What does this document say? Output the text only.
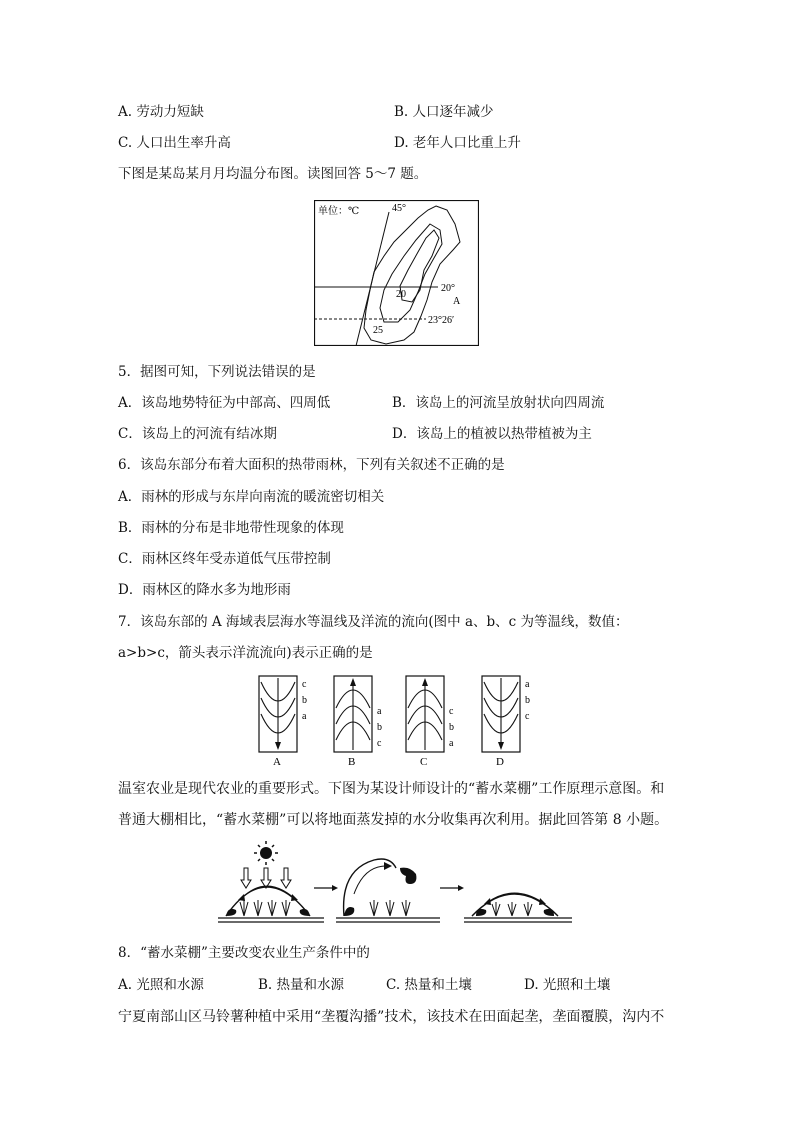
A. 劳动力短缺	B. 人口逐年减少
C. 人口出生率升高	D. 老年人口比重上升
下图是某岛某月月均温分布图。读图回答 5～7 题。
单位：℃	45°
20°
A
23°26′
20
25
5．据图可知，下列说法错误的是
A．该岛地势特征为中部高、四周低	B．该岛上的河流呈放射状向四周流
C．该岛上的河流有结冰期	D．该岛上的植被以热带植被为主
6．该岛东部分布着大面积的热带雨林，下列有关叙述不正确的是
A．雨林的形成与东岸向南流的暖流密切相关
B．雨林的分布是非地带性现象的体现
C．雨林区终年受赤道低气压带控制
D．雨林区的降水多为地形雨
7．该岛东部的 A 海域表层海水等温线及洋流的流向(图中 a、b、c 为等温线，数值：
a>b>c，箭头表示洋流流向)表示正确的是
c
b
a
A
a
b
c
B
c
b
a
C
a
b
c
D
温室农业是现代农业的重要形式。下图为某设计师设计的“蓄水菜棚”工作原理示意图。和
普通大棚相比，“蓄水菜棚”可以将地面蒸发掉的水分收集再次利用。据此回答第 8 小题。
8．“蓄水菜棚”主要改变农业生产条件中的
A. 光照和水源	B. 热量和水源	C. 热量和土壤	D. 光照和土壤
宁夏南部山区马铃薯种植中采用“垄覆沟播”技术，该技术在田面起垄，垄面覆膜，沟内不
